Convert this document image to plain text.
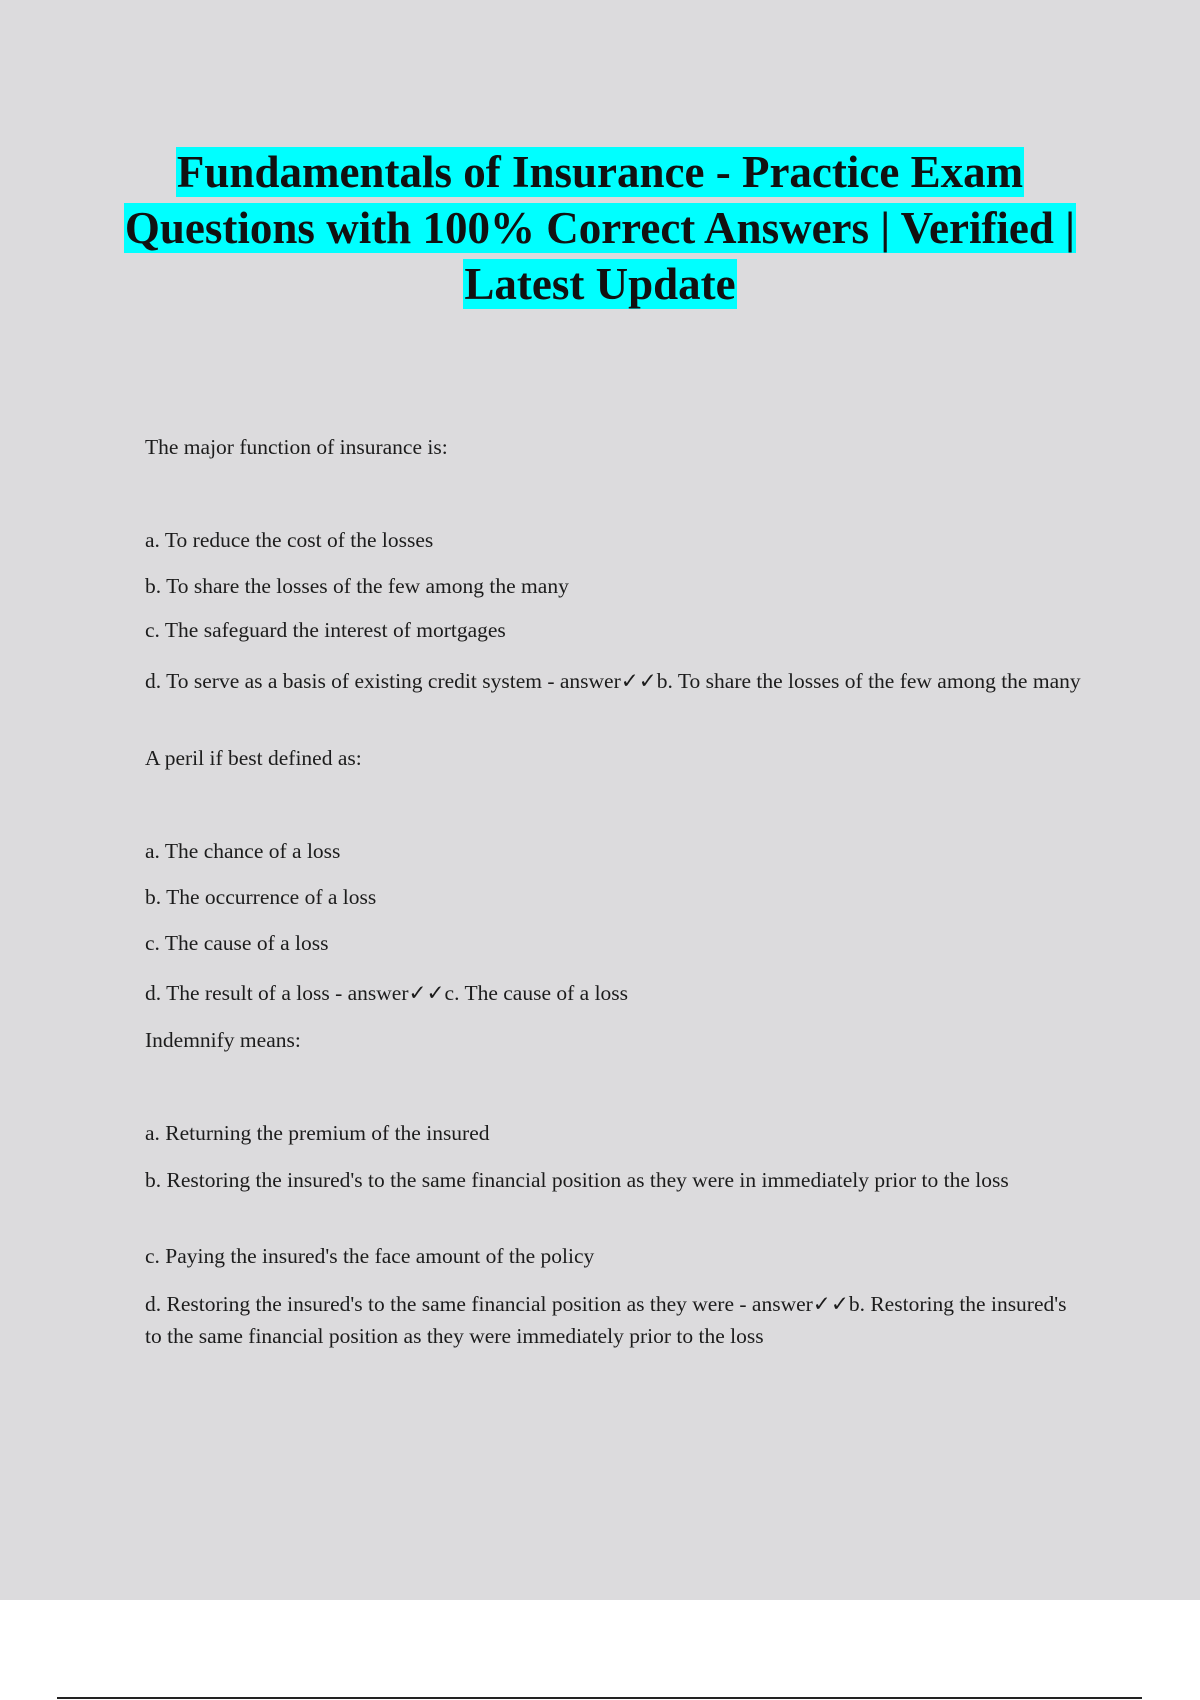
Fundamentals of Insurance - Practice Exam Questions with 100% Correct Answers | Verified | Latest Update
The major function of insurance is:
a. To reduce the cost of the losses
b. To share the losses of the few among the many
c. The safeguard the interest of mortgages
d. To serve as a basis of existing credit system - answer✓✓b. To share the losses of the few among the many
A peril if best defined as:
a. The chance of a loss
b. The occurrence of a loss
c. The cause of a loss
d. The result of a loss - answer✓✓c. The cause of a loss
Indemnify means:
a. Returning the premium of the insured
b. Restoring the insured's to the same financial position as they were in immediately prior to the loss
c. Paying the insured's the face amount of the policy
d. Restoring the insured's to the same financial position as they were - answer✓✓b. Restoring the insured's to the same financial position as they were immediately prior to the loss
